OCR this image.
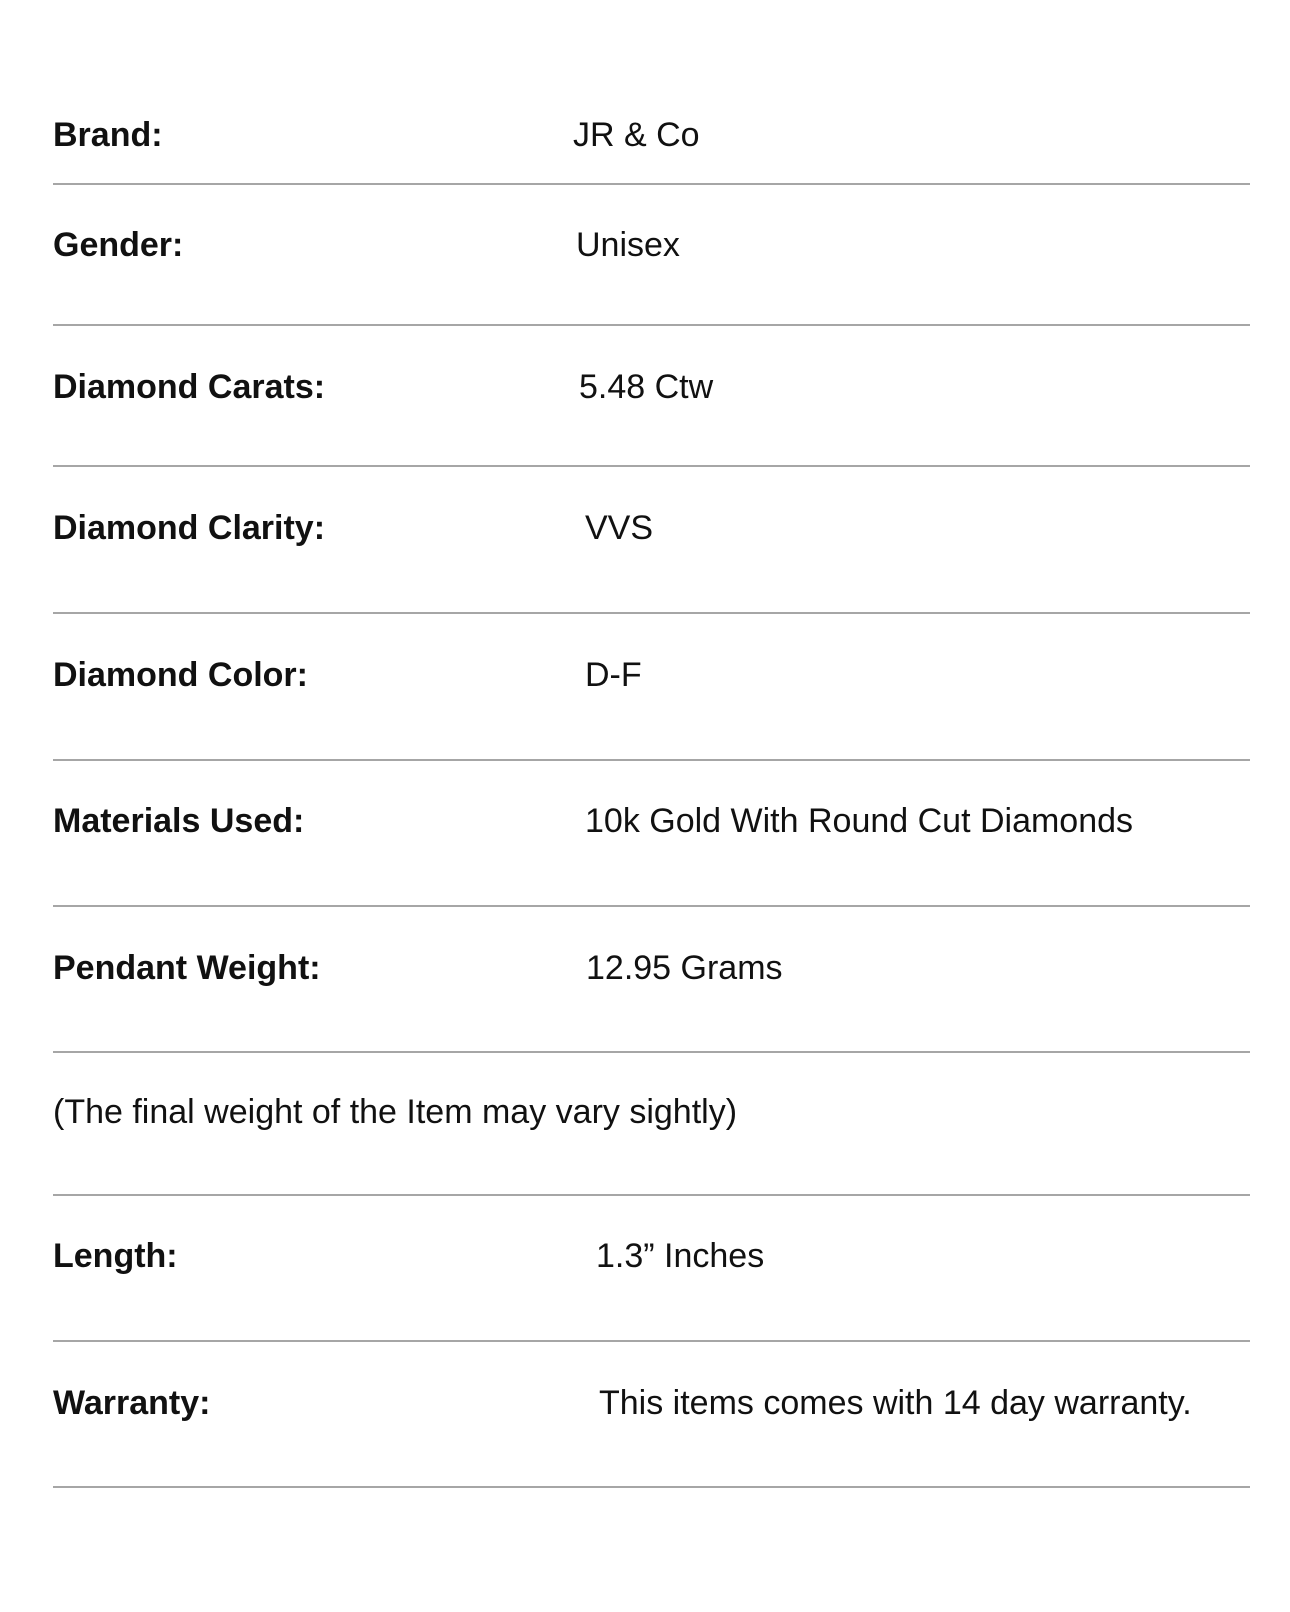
Brand:	JR & Co
Gender:	Unisex
Diamond Carats:	5.48 Ctw
Diamond Clarity:	VVS
Diamond Color:	D-F
Materials Used:	10k Gold With Round Cut Diamonds
Pendant Weight:	12.95 Grams
(The final weight of the Item may vary sightly)
Length:	1.3” Inches
Warranty:	This items comes with 14 day warranty.
